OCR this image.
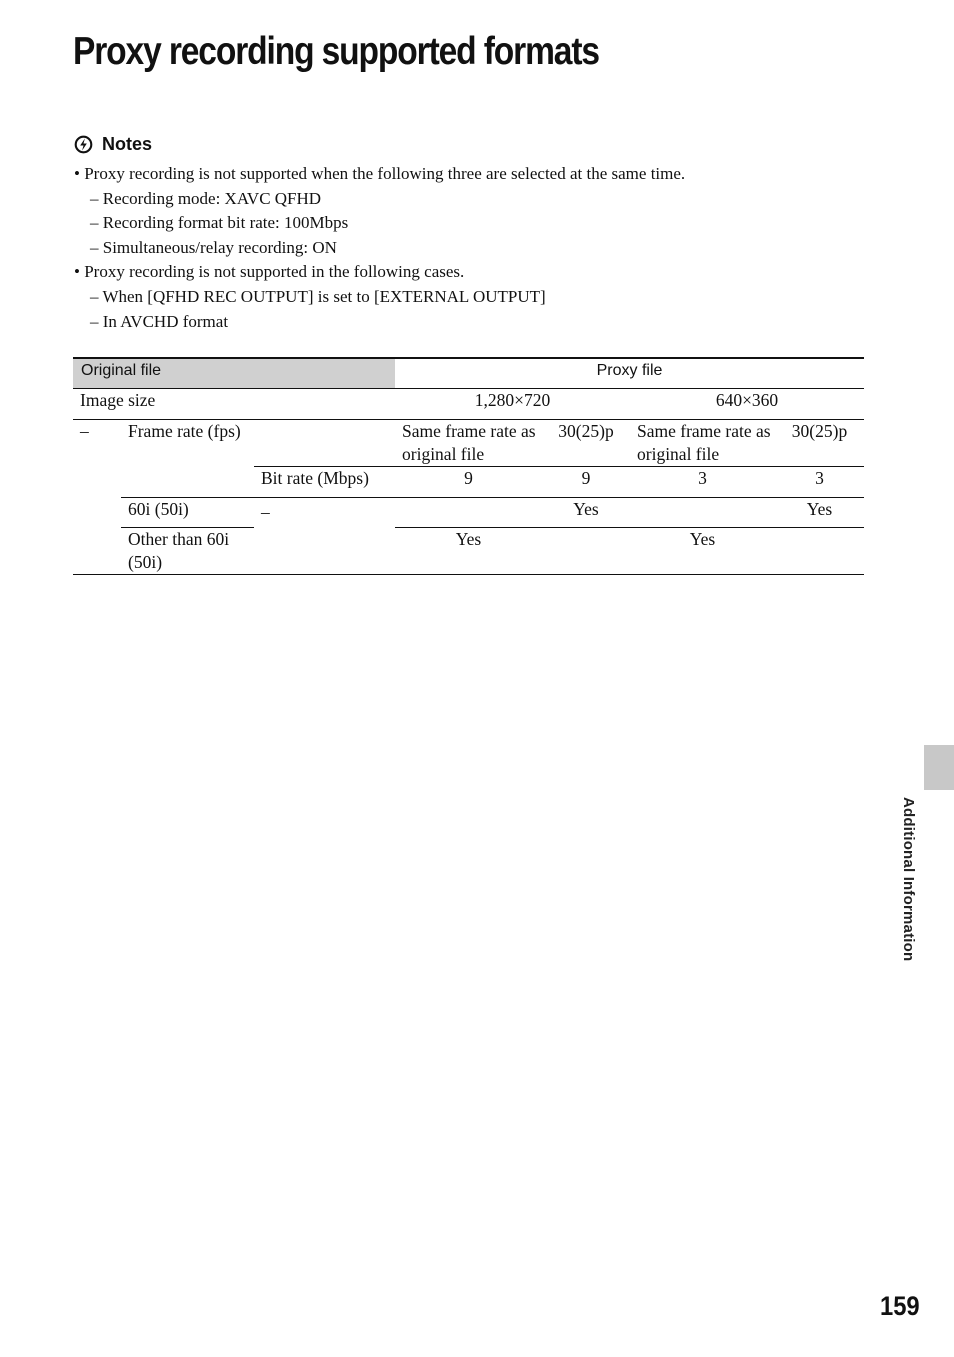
Proxy recording supported formats
Notes
• Proxy recording is not supported when the following three are selected at the same time.
– Recording mode: XAVC QFHD
– Recording format bit rate: 100Mbps
– Simultaneous/relay recording: ON
• Proxy recording is not supported in the following cases.
– When [QFHD REC OUTPUT] is set to [EXTERNAL OUTPUT]
– In AVCHD format
Original file			Proxy file			
Image size			1,280×720		640×360	
–	Frame rate (fps)		Same frame rate as original file	30(25)p	Same frame rate as original file	30(25)p
		Bit rate (Mbps)	9	9	3	3
	60i (50i)	–		Yes		Yes
	Other than 60i (50i)		Yes		Yes	
Additional Information
159
